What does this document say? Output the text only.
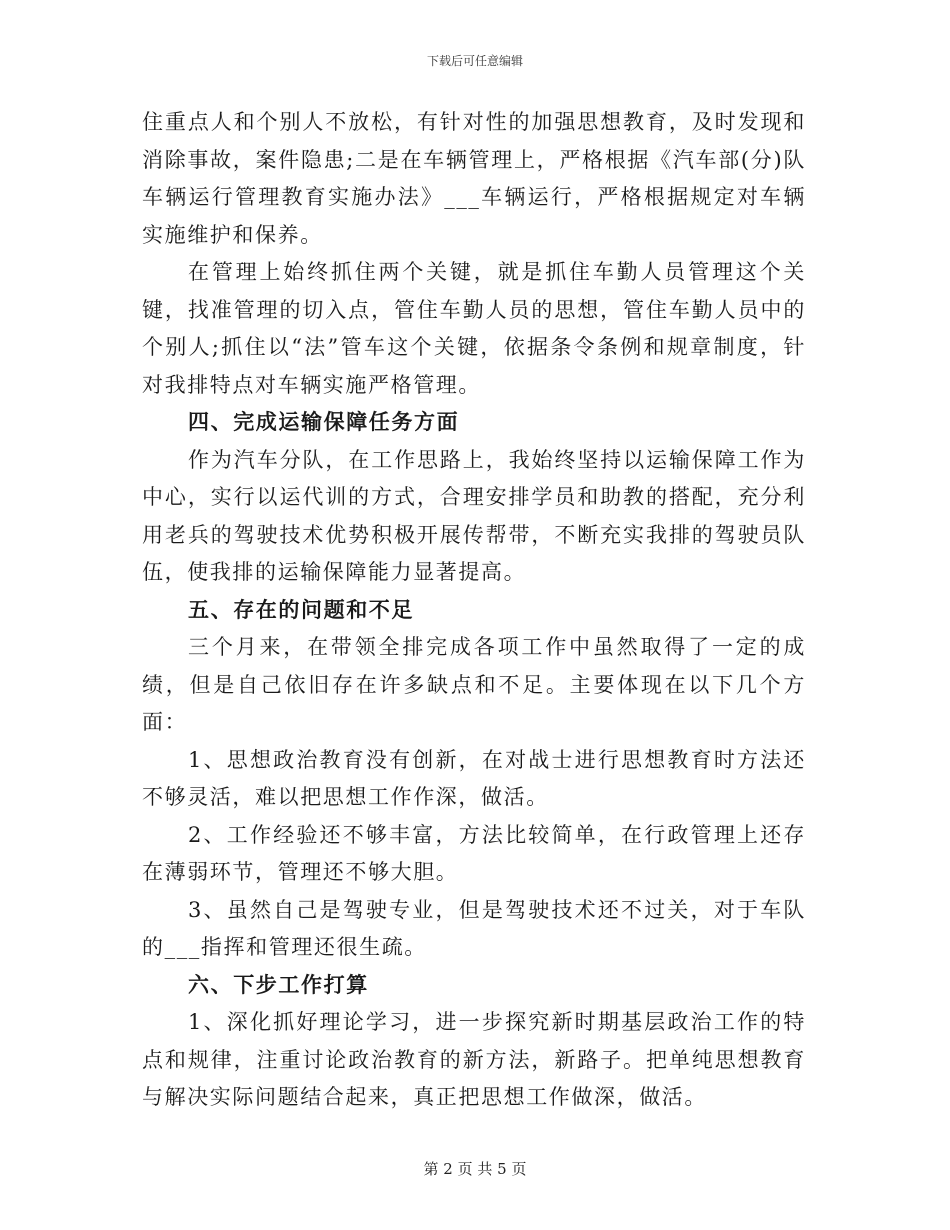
下载后可任意编辑

住重点人和个别人不放松，有针对性的加强思想教育，及时发现和消除事故，案件隐患;二是在车辆管理上，严格根据《汽车部(分)队车辆运行管理教育实施办法》___车辆运行，严格根据规定对车辆实施维护和保养。

在管理上始终抓住两个关键，就是抓住车勤人员管理这个关键，找准管理的切入点，管住车勤人员的思想，管住车勤人员中的个别人;抓住以“法”管车这个关键，依据条令条例和规章制度，针对我排特点对车辆实施严格管理。

四、完成运输保障任务方面

作为汽车分队，在工作思路上，我始终坚持以运输保障工作为中心，实行以运代训的方式，合理安排学员和助教的搭配，充分利用老兵的驾驶技术优势积极开展传帮带，不断充实我排的驾驶员队伍，使我排的运输保障能力显著提高。

五、存在的问题和不足

三个月来，在带领全排完成各项工作中虽然取得了一定的成绩，但是自己依旧存在许多缺点和不足。主要体现在以下几个方面：

1、思想政治教育没有创新，在对战士进行思想教育时方法还不够灵活，难以把思想工作作深，做活。

2、工作经验还不够丰富，方法比较简单，在行政管理上还存在薄弱环节，管理还不够大胆。

3、虽然自己是驾驶专业，但是驾驶技术还不过关，对于车队的___指挥和管理还很生疏。

六、下步工作打算

1、深化抓好理论学习，进一步探究新时期基层政治工作的特点和规律，注重讨论政治教育的新方法，新路子。把单纯思想教育与解决实际问题结合起来，真正把思想工作做深，做活。

第 2 页 共 5 页
